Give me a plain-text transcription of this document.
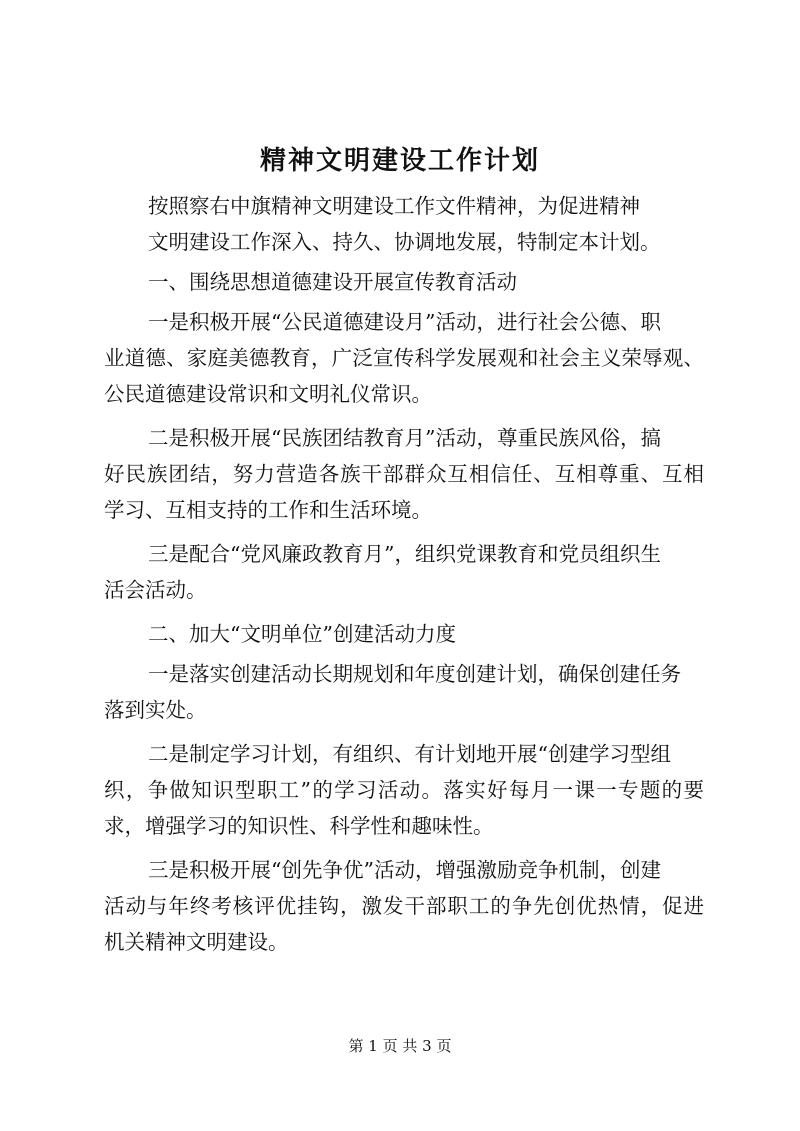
精神文明建设工作计划

按照察右中旗精神文明建设工作文件精神，为促进精神

文明建设工作深入、持久、协调地发展，特制定本计划。

一、围绕思想道德建设开展宣传教育活动

一是积极开展“公民道德建设月”活动，进行社会公德、职

业道德、家庭美德教育，广泛宣传科学发展观和社会主义荣辱观、

公民道德建设常识和文明礼仪常识。

二是积极开展“民族团结教育月”活动，尊重民族风俗，搞

好民族团结，努力营造各族干部群众互相信任、互相尊重、互相

学习、互相支持的工作和生活环境。

三是配合“党风廉政教育月”，组织党课教育和党员组织生

活会活动。

二、加大“文明单位”创建活动力度

一是落实创建活动长期规划和年度创建计划，确保创建任务

落到实处。

二是制定学习计划，有组织、有计划地开展“创建学习型组

织，争做知识型职工”的学习活动。落实好每月一课一专题的要

求，增强学习的知识性、科学性和趣味性。

三是积极开展“创先争优”活动，增强激励竞争机制，创建

活动与年终考核评优挂钩，激发干部职工的争先创优热情，促进

机关精神文明建设。

第 1 页 共 3 页
